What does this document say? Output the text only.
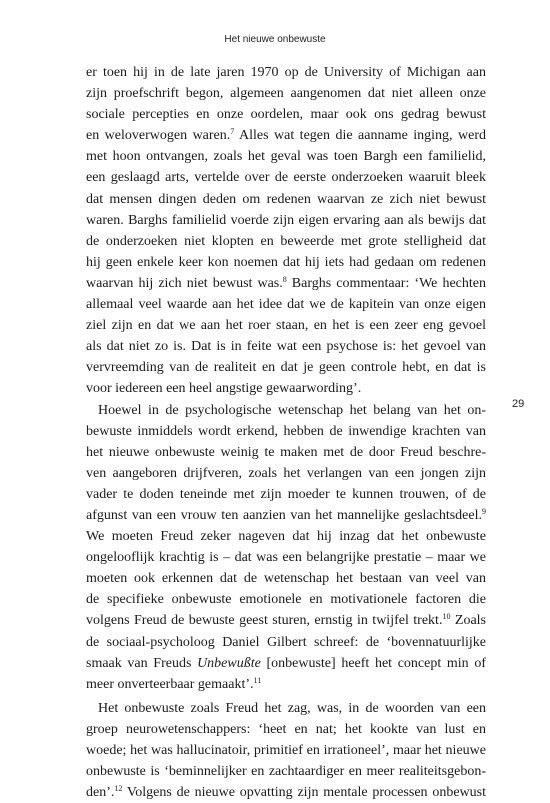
Het nieuwe onbewuste
29
er toen hij in de late jaren 1970 op de University of Michigan aan
zijn proefschrift begon, algemeen aangenomen dat niet alleen onze
sociale percepties en onze oordelen, maar ook ons gedrag bewust
en weloverwogen waren.$^7$ Alles wat tegen die aanname inging, werd
met hoon ontvangen, zoals het geval was toen Bargh een familielid,
een geslaagd arts, vertelde over de eerste onderzoeken waaruit bleek
dat mensen dingen deden om redenen waarvan ze zich niet bewust
waren. Barghs familielid voerde zijn eigen ervaring aan als bewijs dat
de onderzoeken niet klopten en beweerde met grote stelligheid dat
hij geen enkele keer kon noemen dat hij iets had gedaan om redenen
waarvan hij zich niet bewust was.$^8$ Barghs commentaar: ‘We hechten
allemaal veel waarde aan het idee dat we de kapitein van onze eigen
ziel zijn en dat we aan het roer staan, en het is een zeer eng gevoel
als dat niet zo is. Dat is in feite wat een psychose is: het gevoel van
vervreemding van de realiteit en dat je geen controle hebt, en dat is
voor iedereen een heel angstige gewaarwording’.
Hoewel in de psychologische wetenschap het belang van het on-
bewuste inmiddels wordt erkend, hebben de inwendige krachten van
het nieuwe onbewuste weinig te maken met de door Freud beschre-
ven aangeboren drijfveren, zoals het verlangen van een jongen zijn
vader te doden teneinde met zijn moeder te kunnen trouwen, of de
afgunst van een vrouw ten aanzien van het mannelijke geslachtsdeel.$^9$
We moeten Freud zeker nageven dat hij inzag dat het onbewuste
ongelooflijk krachtig is – dat was een belangrijke prestatie – maar we
moeten ook erkennen dat de wetenschap het bestaan van veel van
de specifieke onbewuste emotionele en motivationele factoren die
volgens Freud de bewuste geest sturen, ernstig in twijfel trekt.$^{10}$ Zoals
de sociaal-psycholoog Daniel Gilbert schreef: de ‘bovennatuurlijke
smaak van Freuds Unbewußte [onbewuste] heeft het concept min of
meer onverteerbaar gemaakt’.$^{11}$
Het onbewuste zoals Freud het zag, was, in de woorden van een
groep neurowetenschappers: ‘heet en nat; het kookte van lust en
woede; het was hallucinatoir, primitief en irrationeel’, maar het nieuwe
onbewuste is ‘beminnelijker en zachtaardiger en meer realiteitsgebon-
den’.$^{12}$ Volgens de nieuwe opvatting zijn mentale processen onbewust
